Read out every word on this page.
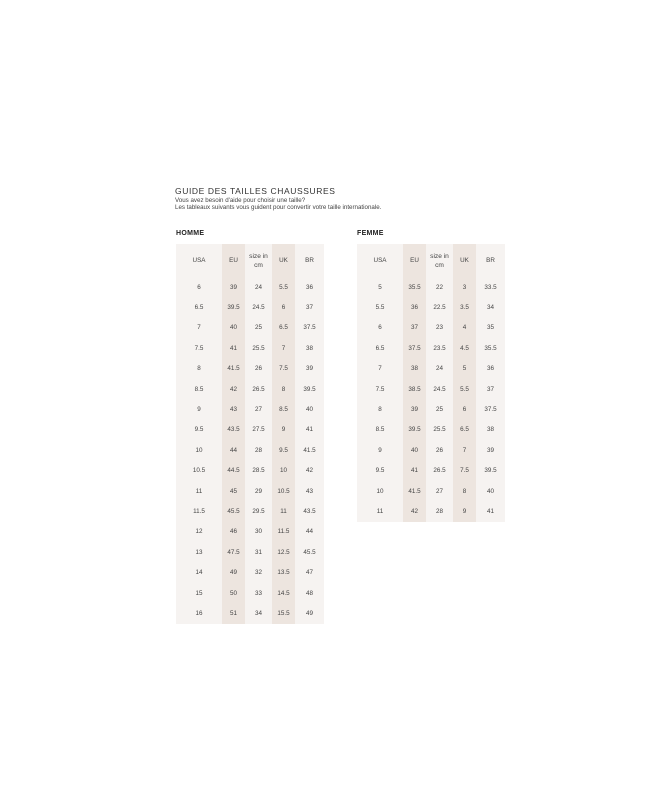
GUIDE DES TAILLES CHAUSSURES
Vous avez besoin d'aide pour choisir une taille?
Les tableaux suivants vous guident pour convertir votre taille internationale.
HOMME	FEMME
USA	EU	size in cm	UK	BR
6	39	24	5.5	36
6.5	39.5	24.5	6	37
7	40	25	6.5	37.5
7.5	41	25.5	7	38
8	41.5	26	7.5	39
8.5	42	26.5	8	39.5
9	43	27	8.5	40
9.5	43.5	27.5	9	41
10	44	28	9.5	41.5
10.5	44.5	28.5	10	42
11	45	29	10.5	43
11.5	45.5	29.5	11	43.5
12	46	30	11.5	44
13	47.5	31	12.5	45.5
14	49	32	13.5	47
15	50	33	14.5	48
16	51	34	15.5	49
USA	EU	size in cm	UK	BR
5	35.5	22	3	33.5
5.5	36	22.5	3.5	34
6	37	23	4	35
6.5	37.5	23.5	4.5	35.5
7	38	24	5	36
7.5	38.5	24.5	5.5	37
8	39	25	6	37.5
8.5	39.5	25.5	6.5	38
9	40	26	7	39
9.5	41	26.5	7.5	39.5
10	41.5	27	8	40
11	42	28	9	41
